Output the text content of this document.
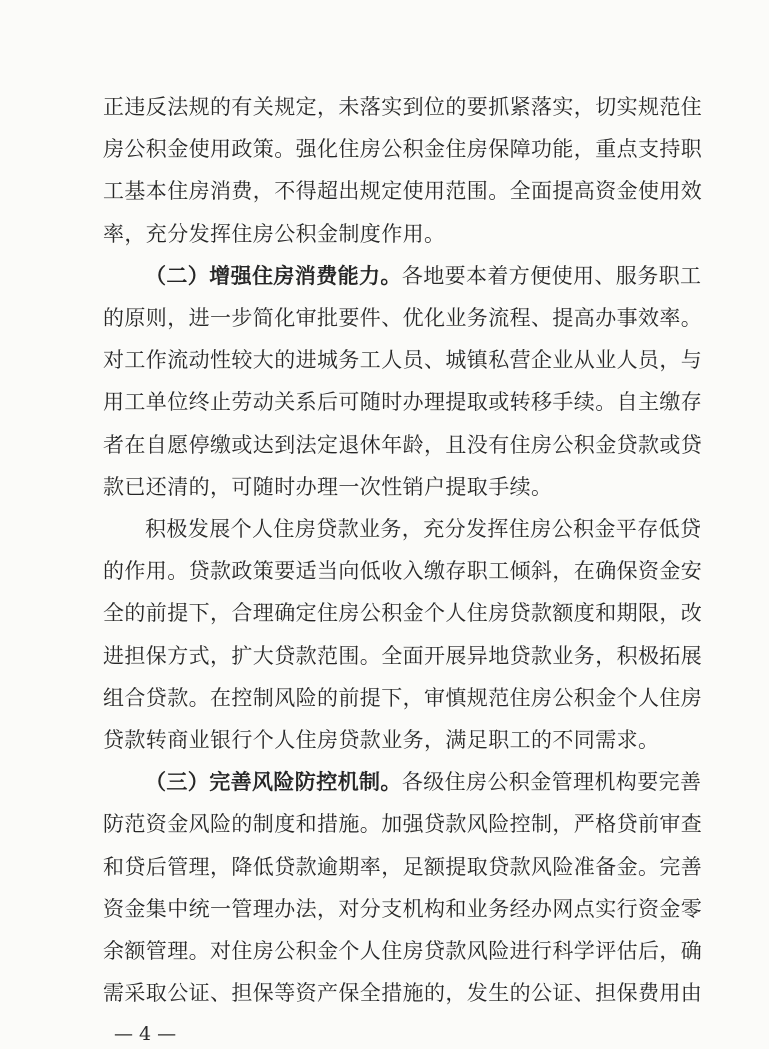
正违反法规的有关规定，未落实到位的要抓紧落实，切实规范住
房公积金使用政策。强化住房公积金住房保障功能，重点支持职
工基本住房消费，不得超出规定使用范围。全面提高资金使用效
率，充分发挥住房公积金制度作用。
（二）增强住房消费能力。各地要本着方便使用、服务职工
的原则，进一步简化审批要件、优化业务流程、提高办事效率。
对工作流动性较大的进城务工人员、城镇私营企业从业人员，与
用工单位终止劳动关系后可随时办理提取或转移手续。自主缴存
者在自愿停缴或达到法定退休年龄，且没有住房公积金贷款或贷
款已还清的，可随时办理一次性销户提取手续。
积极发展个人住房贷款业务，充分发挥住房公积金平存低贷
的作用。贷款政策要适当向低收入缴存职工倾斜，在确保资金安
全的前提下，合理确定住房公积金个人住房贷款额度和期限，改
进担保方式，扩大贷款范围。全面开展异地贷款业务，积极拓展
组合贷款。在控制风险的前提下，审慎规范住房公积金个人住房
贷款转商业银行个人住房贷款业务，满足职工的不同需求。
（三）完善风险防控机制。各级住房公积金管理机构要完善
防范资金风险的制度和措施。加强贷款风险控制，严格贷前审查
和贷后管理，降低贷款逾期率，足额提取贷款风险准备金。完善
资金集中统一管理办法，对分支机构和业务经办网点实行资金零
余额管理。对住房公积金个人住房贷款风险进行科学评估后，确
需采取公证、担保等资产保全措施的，发生的公证、担保费用由
— 4 —
